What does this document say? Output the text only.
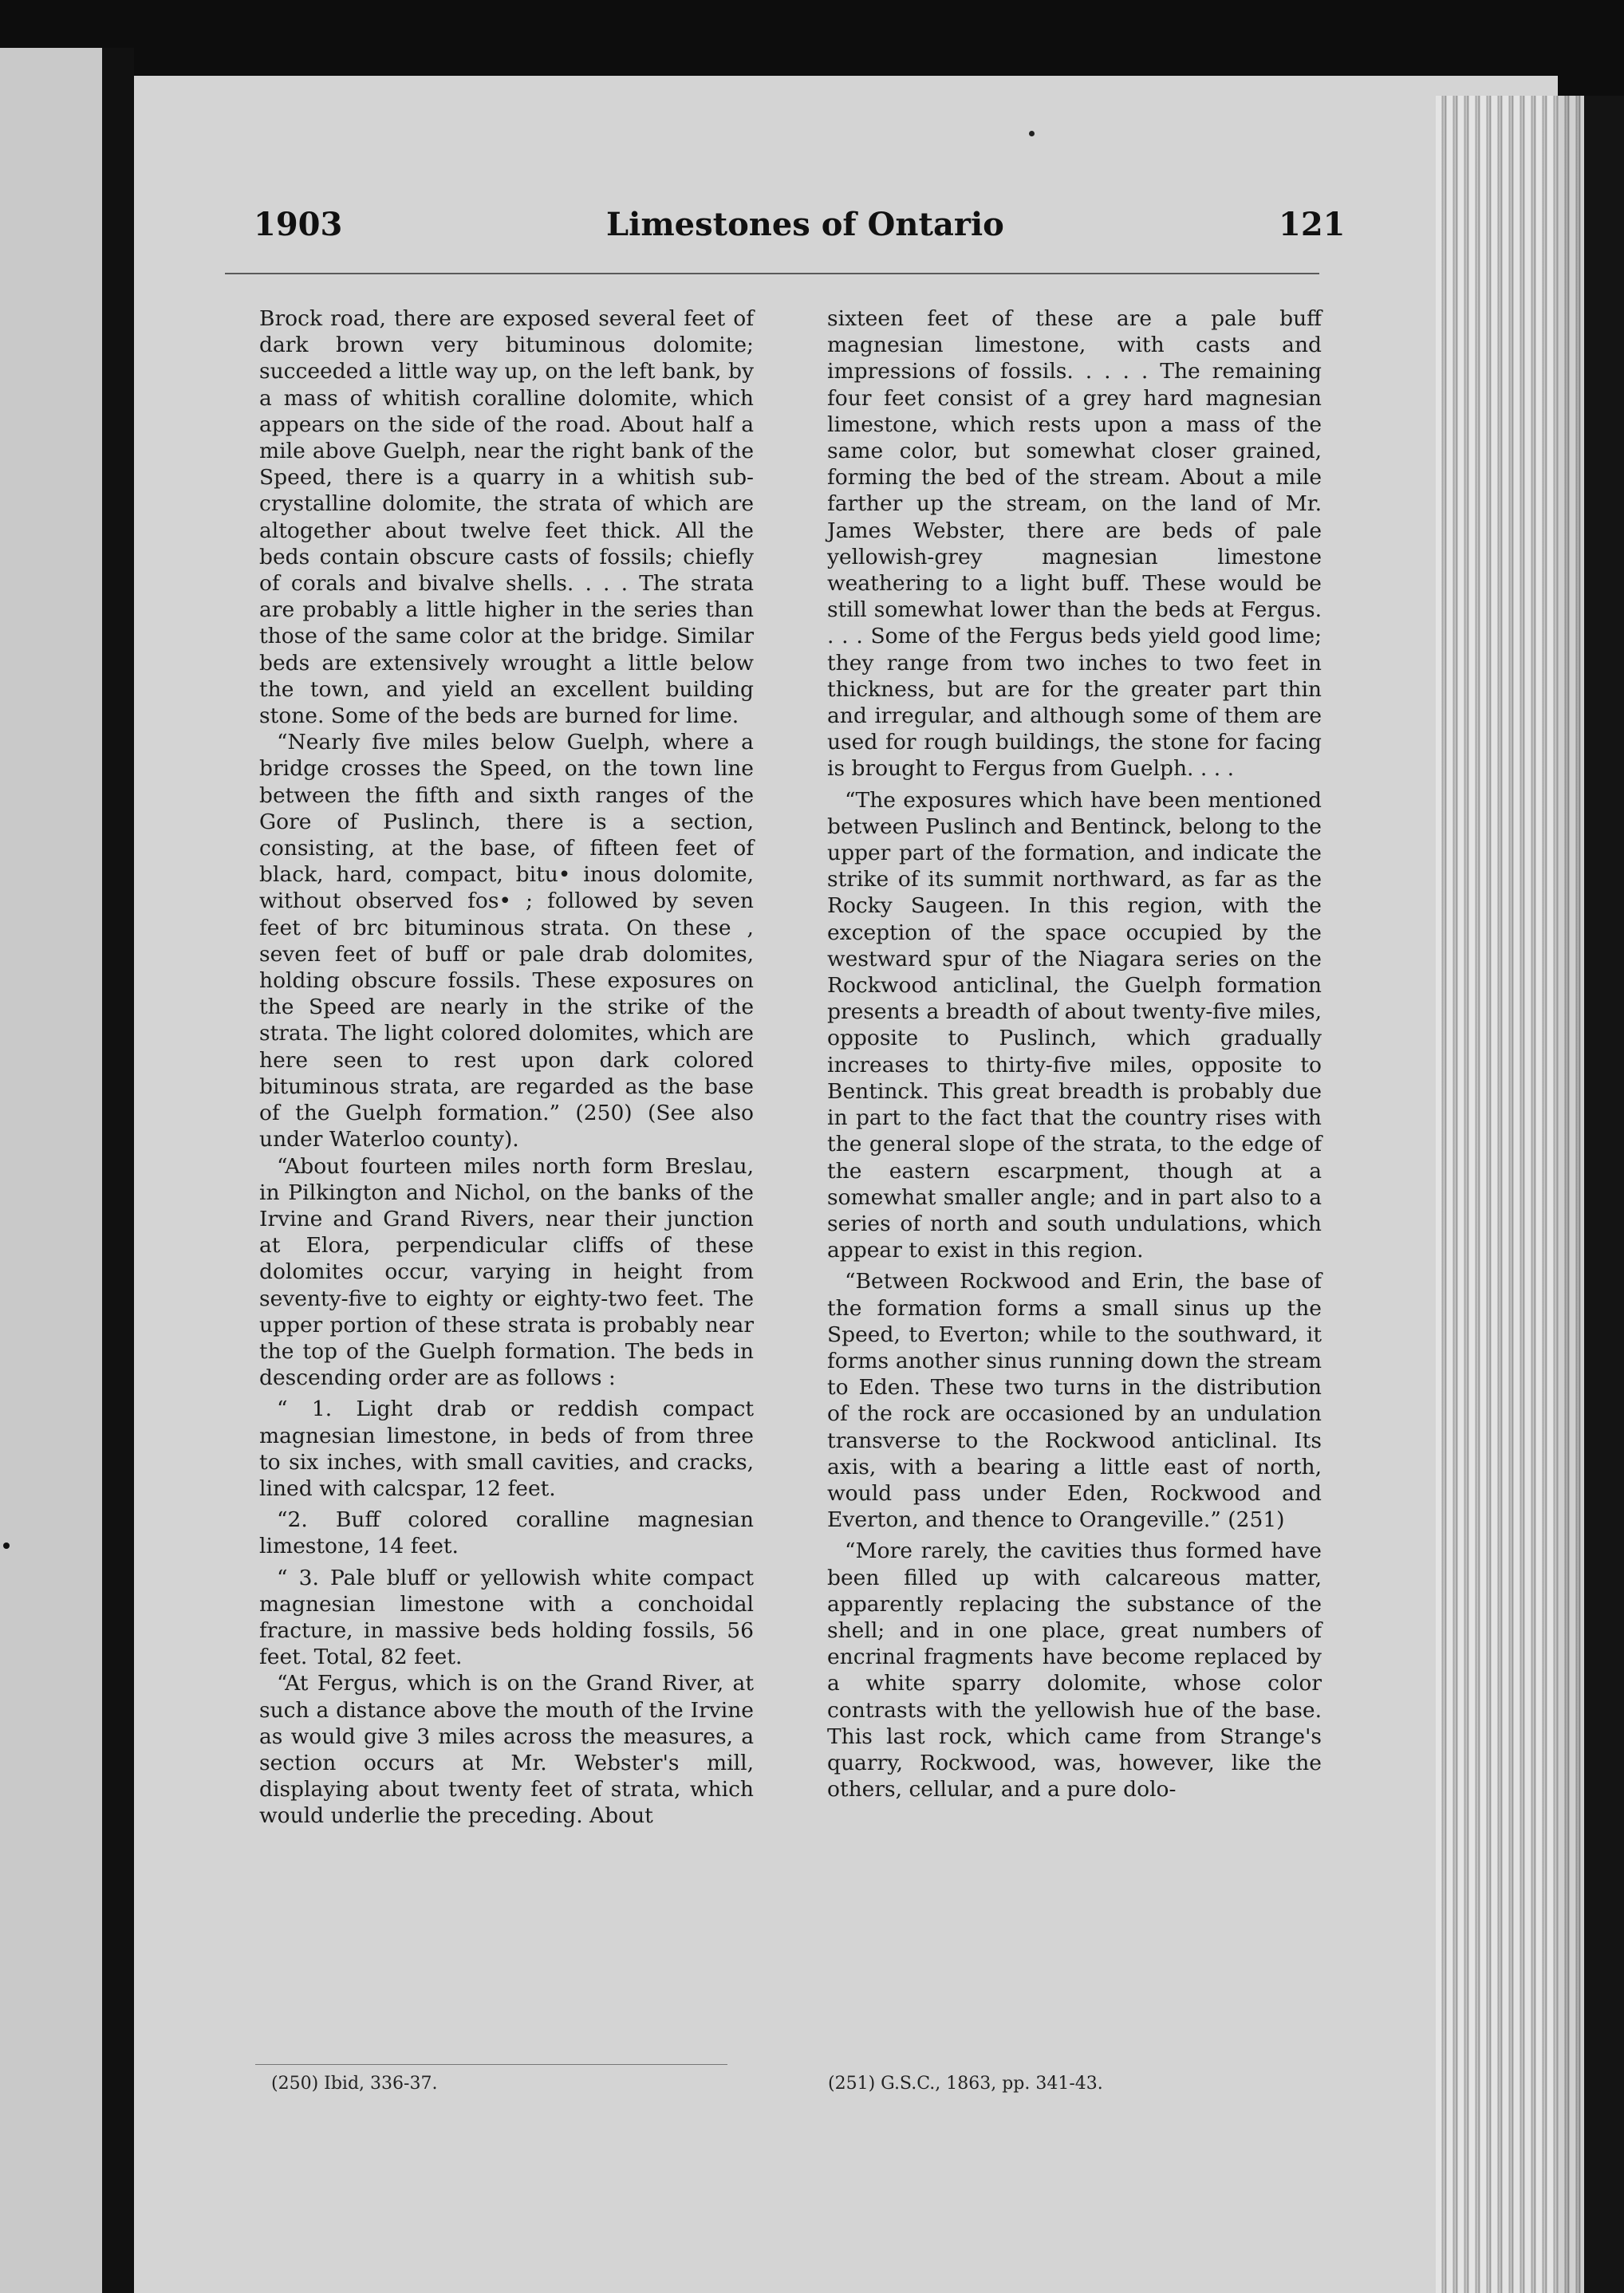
1903	Limestones of Ontario	121

Brock road, there are exposed several feet of dark brown very bituminous dolomite; succeeded a little way up, on the left bank, by a mass of whitish coralline dolomite, which appears on the side of the road. About half a mile above Guelph, near the right bank of the Speed, there is a quarry in a whitish sub-crystalline dolomite, the strata of which are altogether about twelve feet thick. All the beds contain obscure casts of fossils; chiefly of corals and bivalve shells. . . . The strata are probably a little higher in the series than those of the same color at the bridge. Similar beds are extensively wrought a little below the town, and yield an excellent building stone. Some of the beds are burned for lime.

“Nearly five miles below Guelph, where a bridge crosses the Speed, on the town line between the fifth and sixth ranges of the Gore of Puslinch, there is a section, consisting, at the base, of fifteen feet of black, hard, compact, bitu• inous dolomite, without observed fos• ; followed by seven feet of brc bituminous strata. On these , seven feet of buff or pale drab dolomites, holding obscure fossils. These exposures on the Speed are nearly in the strike of the strata. The light colored dolomites, which are here seen to rest upon dark colored bituminous strata, are regarded as the base of the Guelph formation.” (250) (See also under Waterloo county).

“About fourteen miles north form Breslau, in Pilkington and Nichol, on the banks of the Irvine and Grand Rivers, near their junction at Elora, perpendicular cliffs of these dolomites occur, varying in height from seventy-five to eighty or eighty-two feet. The upper portion of these strata is probably near the top of the Guelph formation. The beds in descending order are as follows :

“ 1. Light drab or reddish compact magnesian limestone, in beds of from three to six inches, with small cavities, and cracks, lined with calcspar, 12 feet.

“2. Buff colored coralline magnesian limestone, 14 feet.

“ 3. Pale bluff or yellowish white compact magnesian limestone with a conchoidal fracture, in massive beds holding fossils, 56 feet. Total, 82 feet.

“At Fergus, which is on the Grand River, at such a distance above the mouth of the Irvine as would give 3 miles across the measures, a section occurs at Mr. Webster's mill, displaying about twenty feet of strata, which would underlie the preceding. About

sixteen feet of these are a pale buff magnesian limestone, with casts and impressions of fossils. . . . . The remaining four feet consist of a grey hard magnesian limestone, which rests upon a mass of the same color, but somewhat closer grained, forming the bed of the stream. About a mile farther up the stream, on the land of Mr. James Webster, there are beds of pale yellowish-grey magnesian limestone weathering to a light buff. These would be still somewhat lower than the beds at Fergus. . . . Some of the Fergus beds yield good lime; they range from two inches to two feet in thickness, but are for the greater part thin and irregular, and although some of them are used for rough buildings, the stone for facing is brought to Fergus from Guelph. . . .

“The exposures which have been mentioned between Puslinch and Bentinck, belong to the upper part of the formation, and indicate the strike of its summit northward, as far as the Rocky Saugeen. In this region, with the exception of the space occupied by the westward spur of the Niagara series on the Rockwood anticlinal, the Guelph formation presents a breadth of about twenty-five miles, opposite to Puslinch, which gradually increases to thirty-five miles, opposite to Bentinck. This great breadth is probably due in part to the fact that the country rises with the general slope of the strata, to the edge of the eastern escarpment, though at a somewhat smaller angle; and in part also to a series of north and south undulations, which appear to exist in this region.

“Between Rockwood and Erin, the base of the formation forms a small sinus up the Speed, to Everton; while to the southward, it forms another sinus running down the stream to Eden. These two turns in the distribution of the rock are occasioned by an undulation transverse to the Rockwood anticlinal. Its axis, with a bearing a little east of north, would pass under Eden, Rockwood and Everton, and thence to Orangeville.” (251)

“More rarely, the cavities thus formed have been filled up with calcareous matter, apparently replacing the substance of the shell; and in one place, great numbers of encrinal fragments have become replaced by a white sparry dolomite, whose color contrasts with the yellowish hue of the base. This last rock, which came from Strange's quarry, Rockwood, was, however, like the others, cellular, and a pure dolo-

(250) Ibid, 336-37.	(251) G.S.C., 1863, pp. 341-43.
